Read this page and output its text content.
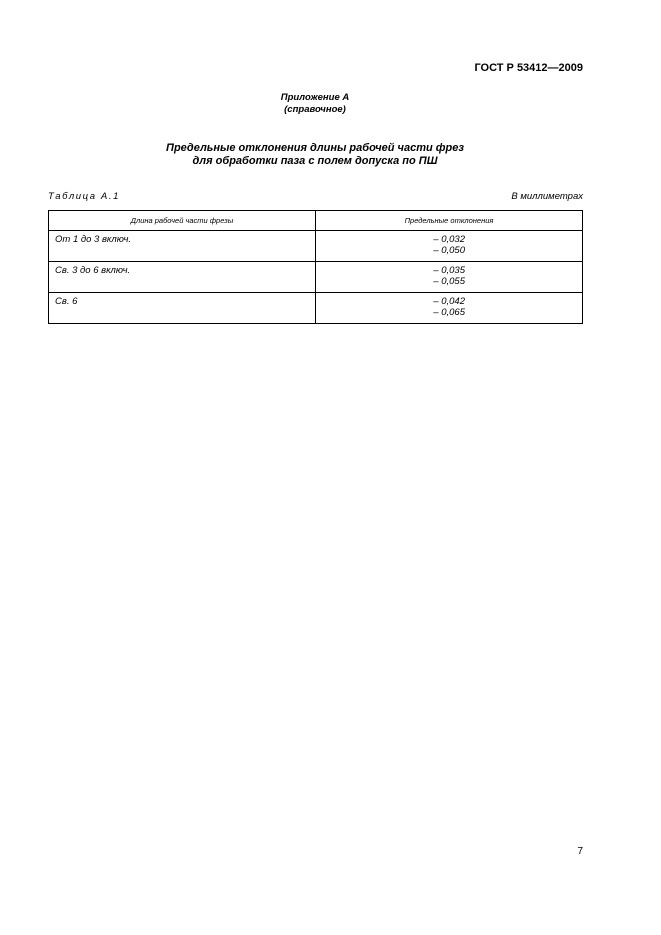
ГОСТ Р 53412—2009
Приложение А
(справочное)
Предельные отклонения длины рабочей части фрез
для обработки паза с полем допуска по ПШ
Таблица А.1	В миллиметрах
Длина рабочей части фрезы	Предельные отклонения

От 1 до 3 включ.	– 0,032
– 0,050

Св. 3 до 6 включ.	– 0,035
– 0,055

Св. 6	– 0,042
– 0,065
7
